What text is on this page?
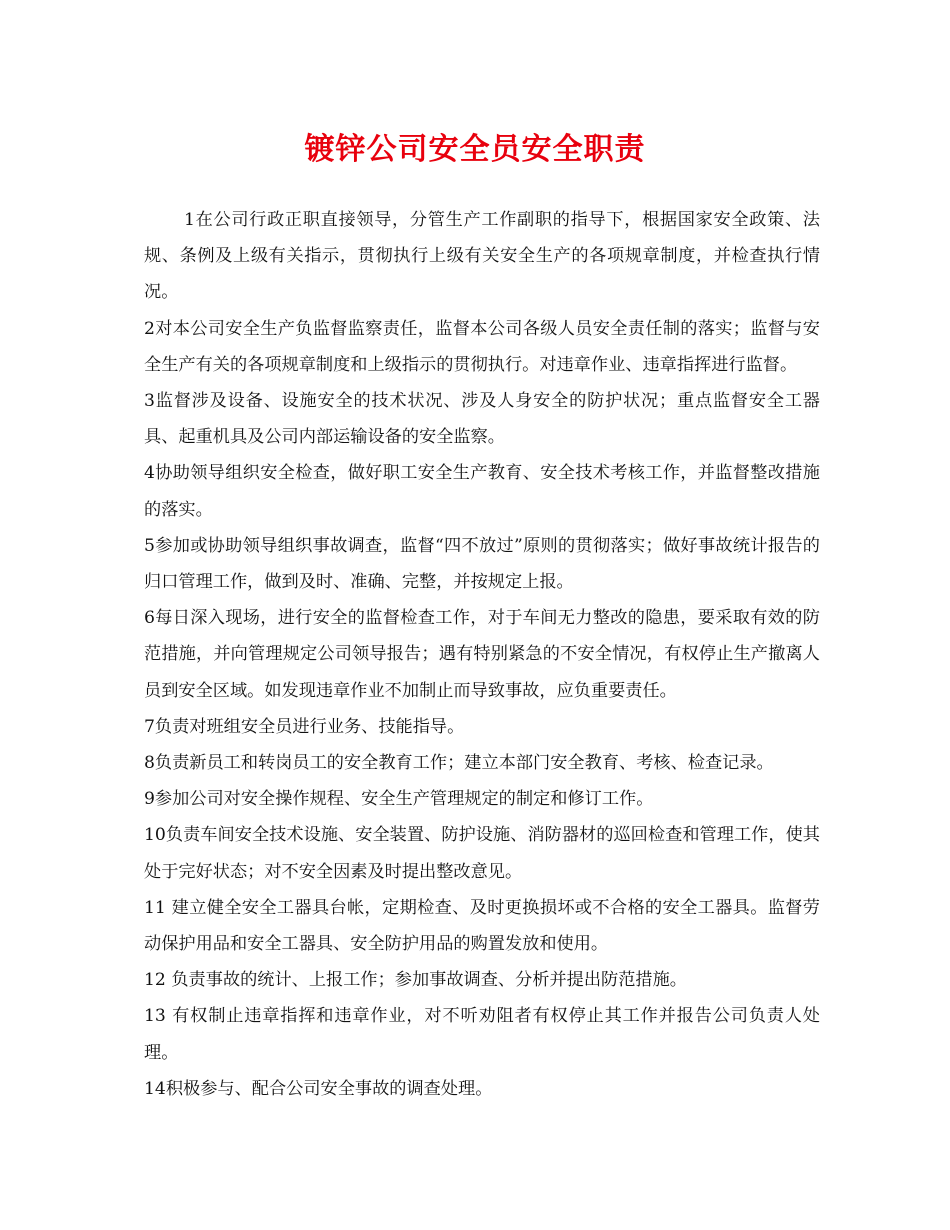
镀锌公司安全员安全职责

1在公司行政正职直接领导，分管生产工作副职的指导下，根据国家安全政策、法规、条例及上级有关指示，贯彻执行上级有关安全生产的各项规章制度，并检查执行情况。

2对本公司安全生产负监督监察责任，监督本公司各级人员安全责任制的落实；监督与安全生产有关的各项规章制度和上级指示的贯彻执行。对违章作业、违章指挥进行监督。

3监督涉及设备、设施安全的技术状况、涉及人身安全的防护状况；重点监督安全工器具、起重机具及公司内部运输设备的安全监察。

4协助领导组织安全检查，做好职工安全生产教育、安全技术考核工作，并监督整改措施的落实。

5参加或协助领导组织事故调查，监督“四不放过”原则的贯彻落实；做好事故统计报告的归口管理工作，做到及时、准确、完整，并按规定上报。

6每日深入现场，进行安全的监督检查工作，对于车间无力整改的隐患，要采取有效的防范措施，并向管理规定公司领导报告；遇有特别紧急的不安全情况，有权停止生产撤离人员到安全区域。如发现违章作业不加制止而导致事故，应负重要责任。

7负责对班组安全员进行业务、技能指导。

8负责新员工和转岗员工的安全教育工作；建立本部门安全教育、考核、检查记录。

9参加公司对安全操作规程、安全生产管理规定的制定和修订工作。

10负责车间安全技术设施、安全装置、防护设施、消防器材的巡回检查和管理工作，使其处于完好状态；对不安全因素及时提出整改意见。

11 建立健全安全工器具台帐，定期检查、及时更换损坏或不合格的安全工器具。监督劳动保护用品和安全工器具、安全防护用品的购置发放和使用。

12 负责事故的统计、上报工作；参加事故调查、分析并提出防范措施。

13 有权制止违章指挥和违章作业，对不听劝阻者有权停止其工作并报告公司负责人处理。

14积极参与、配合公司安全事故的调查处理。
